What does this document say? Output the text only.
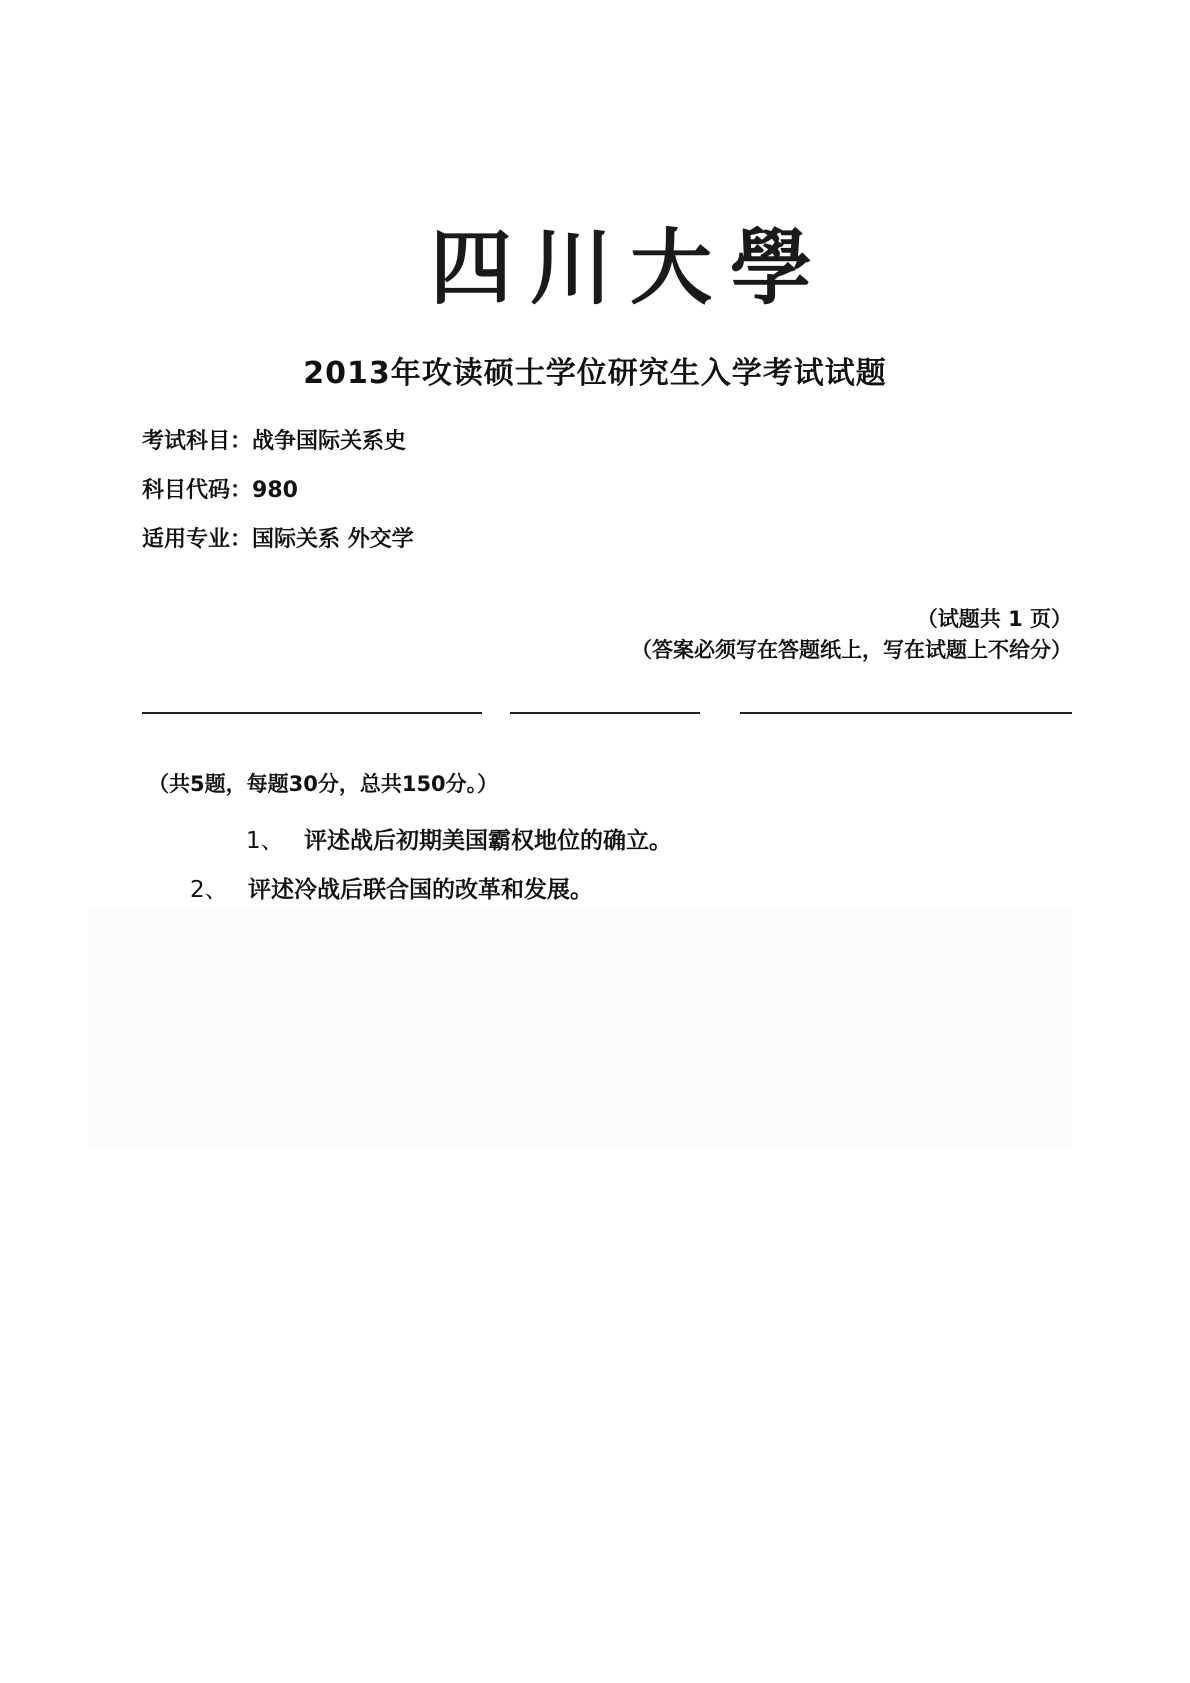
四川大學
2013年攻读硕士学位研究生入学考试试题
考试科目：战争国际关系史
科目代码：980
适用专业：国际关系 外交学
（试题共 1 页）
（答案必须写在答题纸上，写在试题上不给分）
（共5题，每题30分，总共150分。）
1、 评述战后初期美国霸权地位的确立。
2、 评述冷战后联合国的改革和发展。
